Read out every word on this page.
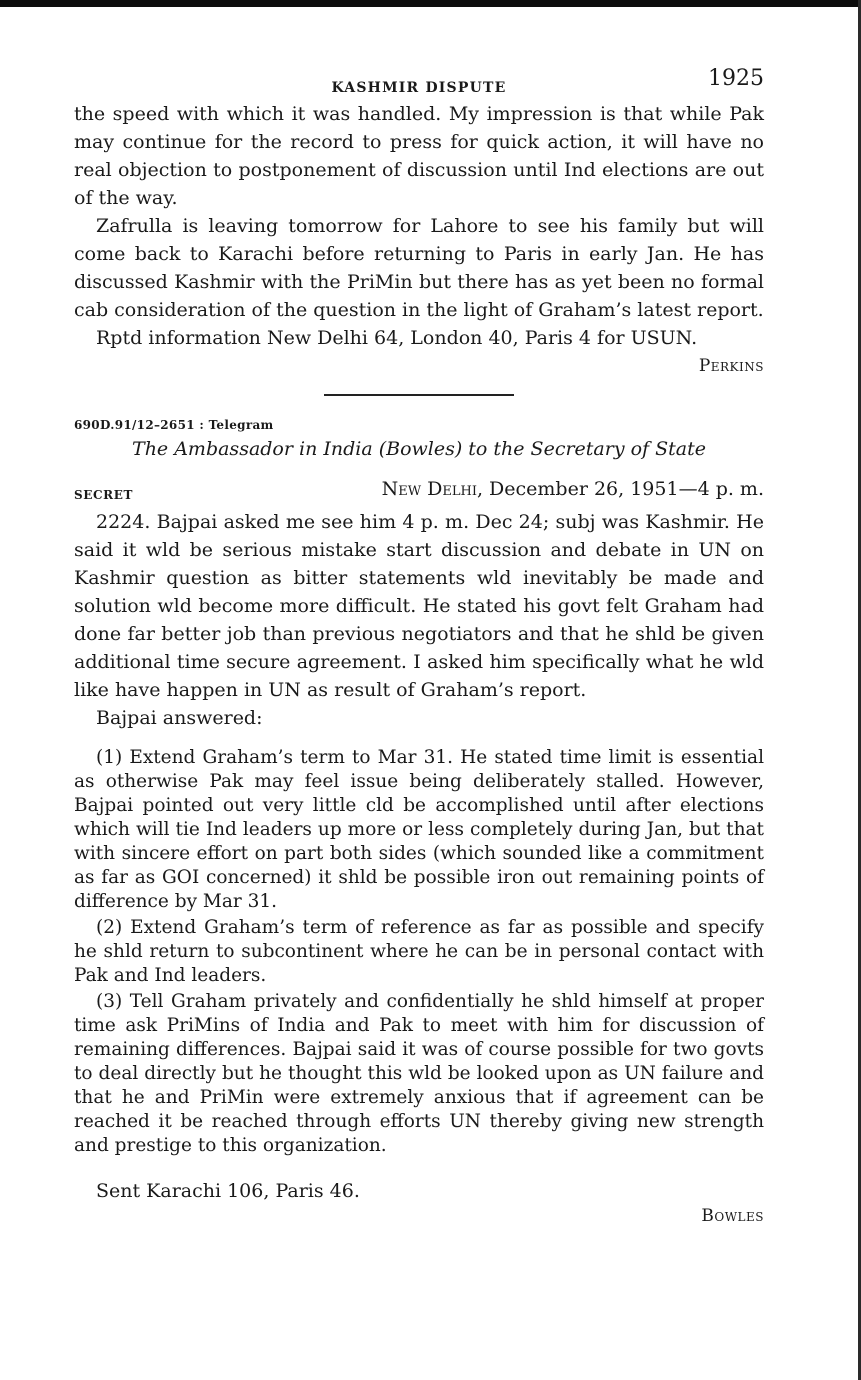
KASHMIR DISPUTE	1925

the speed with which it was handled. My impression is that while Pak may continue for the record to press for quick action, it will have no real objection to postponement of discussion until Ind elections are out of the way.

Zafrulla is leaving tomorrow for Lahore to see his family but will come back to Karachi before returning to Paris in early Jan. He has discussed Kashmir with the PriMin but there has as yet been no formal cab consideration of the question in the light of Graham’s latest report.

Rptd information New Delhi 64, London 40, Paris 4 for USUN.

Perkins
690D.91/12–2651 : Telegram
The Ambassador in India (Bowles) to the Secretary of State
SECRET	New Delhi, December 26, 1951—4 p. m.

2224. Bajpai asked me see him 4 p. m. Dec 24; subj was Kashmir. He said it wld be serious mistake start discussion and debate in UN on Kashmir question as bitter statements wld inevitably be made and solution wld become more difficult. He stated his govt felt Graham had done far better job than previous negotiators and that he shld be given additional time secure agreement. I asked him specifically what he wld like have happen in UN as result of Graham’s report.

Bajpai answered:

(1) Extend Graham’s term to Mar 31. He stated time limit is essential as otherwise Pak may feel issue being deliberately stalled. However, Bajpai pointed out very little cld be accomplished until after elections which will tie Ind leaders up more or less completely during Jan, but that with sincere effort on part both sides (which sounded like a commitment as far as GOI concerned) it shld be possible iron out remaining points of difference by Mar 31.

(2) Extend Graham’s term of reference as far as possible and specify he shld return to subcontinent where he can be in personal contact with Pak and Ind leaders.

(3) Tell Graham privately and confidentially he shld himself at proper time ask PriMins of India and Pak to meet with him for discussion of remaining differences. Bajpai said it was of course possible for two govts to deal directly but he thought this wld be looked upon as UN failure and that he and PriMin were extremely anxious that if agreement can be reached it be reached through efforts UN thereby giving new strength and prestige to this organization.

Sent Karachi 106, Paris 46.

Bowles
